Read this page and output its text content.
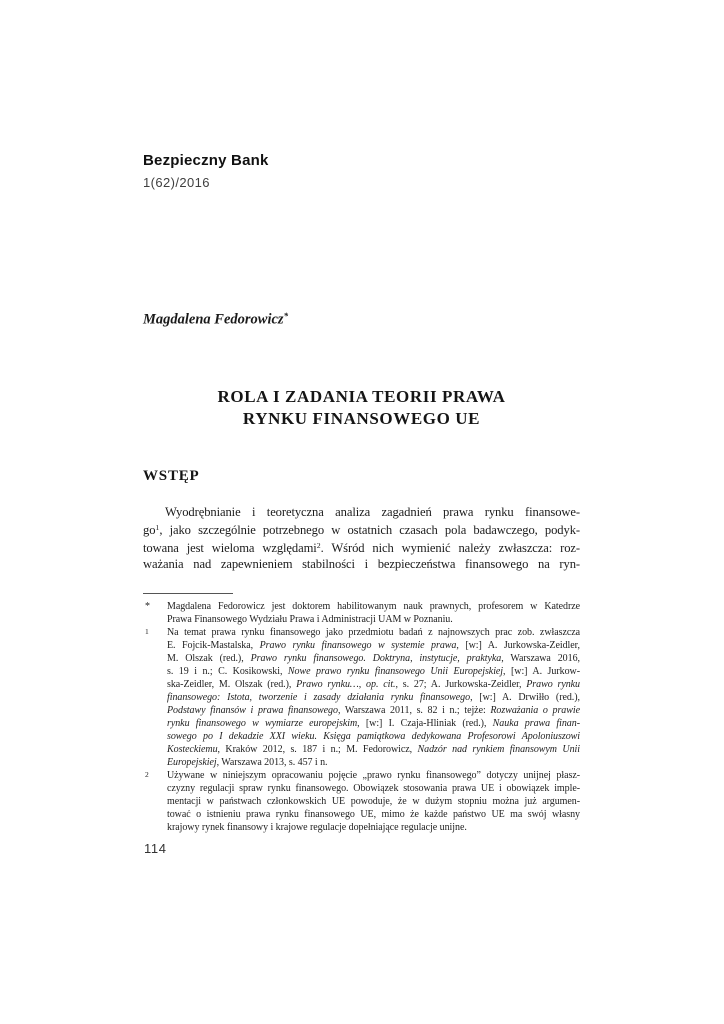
Bezpieczny Bank
1(62)/2016
Magdalena Fedorowicz*
ROLA I ZADANIA TEORII PRAWA
RYNKU FINANSOWEGO UE
WSTĘP
Wyodrębnianie i teoretyczna analiza zagadnień prawa rynku finansowe-
$go^1$, jako szczególnie potrzebnego w ostatnich czasach pola badawczego, podyk-
towana jest wieloma względami$^2$. Wśród nich wymienić należy zwłaszcza: roz-
ważania nad zapewnieniem stabilności i bezpieczeństwa finansowego na ryn-
* Magdalena Fedorowicz jest doktorem habilitowanym nauk prawnych, profesorem w Katedrze
Prawa Finansowego Wydziału Prawa i Administracji UAM w Poznaniu.
1 Na temat prawa rynku finansowego jako przedmiotu badań z najnowszych prac zob. zwłaszcza
E. Fojcik-Mastalska, Prawo rynku finansowego w systemie prawa, [w:] A. Jurkowska-Zeidler,
M. Olszak (red.), Prawo rynku finansowego. Doktryna, instytucje, praktyka, Warszawa 2016,
s. 19 i n.; C. Kosikowski, Nowe prawo rynku finansowego Unii Europejskiej, [w:] A. Jurkow-
ska-Zeidler, M. Olszak (red.), Prawo rynku…, op. cit., s. 27; A. Jurkowska-Zeidler, Prawo rynku
finansowego: Istota, tworzenie i zasady działania rynku finansowego, [w:] A. Drwiłło (red.),
Podstawy finansów i prawa finansowego, Warszawa 2011, s. 82 i n.; tejże: Rozważania o prawie
rynku finansowego w wymiarze europejskim, [w:] I. Czaja-Hliniak (red.), Nauka prawa finan-
sowego po I dekadzie XXI wieku. Księga pamiątkowa dedykowana Profesorowi Apoloniuszowi
Kosteckiemu, Kraków 2012, s. 187 i n.; M. Fedorowicz, Nadzór nad rynkiem finansowym Unii
Europejskiej, Warszawa 2013, s. 457 i n.
2 Używane w niniejszym opracowaniu pojęcie „prawo rynku finansowego” dotyczy unijnej płasz-
czyzny regulacji spraw rynku finansowego. Obowiązek stosowania prawa UE i obowiązek imple-
mentacji w państwach członkowskich UE powoduje, że w dużym stopniu można już argumen-
tować o istnieniu prawa rynku finansowego UE, mimo że każde państwo UE ma swój własny
krajowy rynek finansowy i krajowe regulacje dopełniające regulacje unijne.
114
